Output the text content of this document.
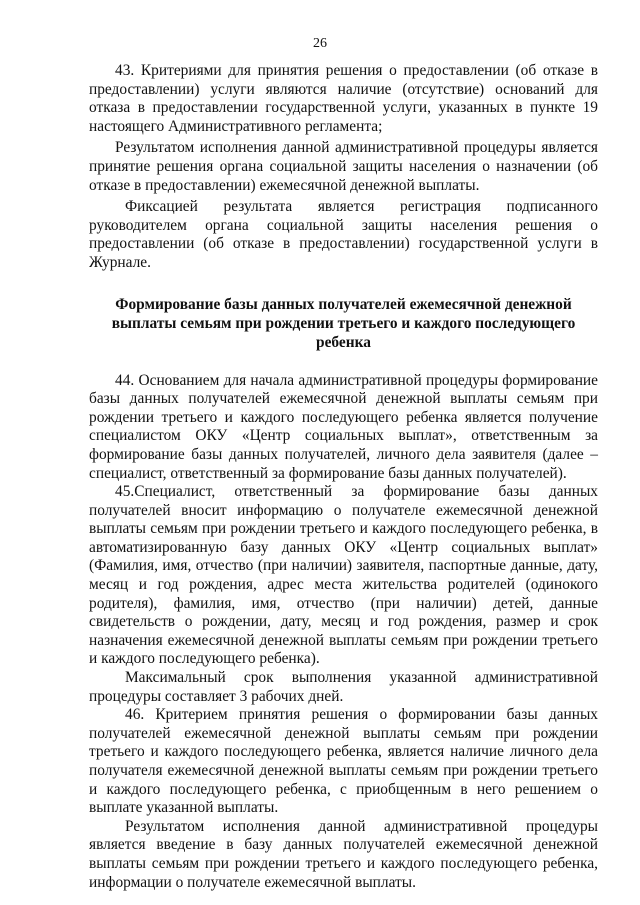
26

43. Критериями для принятия решения о предоставлении (об отказе в предоставлении) услуги являются наличие (отсутствие) оснований для отказа в предоставлении государственной услуги, указанных в пункте 19 настоящего Административного регламента;

Результатом исполнения данной административной процедуры является принятие решения органа социальной защиты населения о назначении (об отказе в предоставлении) ежемесячной денежной выплаты.

Фиксацией результата является регистрация подписанного руководителем органа социальной защиты населения решения о предоставлении (об отказе в предоставлении) государственной услуги в Журнале.

Формирование базы данных получателей ежемесячной денежной выплаты семьям при рождении третьего и каждого последующего ребенка

44. Основанием для начала административной процедуры формирование базы данных получателей ежемесячной денежной выплаты семьям при рождении третьего и каждого последующего ребенка является получение специалистом ОКУ «Центр социальных выплат», ответственным за формирование базы данных получателей, личного дела заявителя (далее – специалист, ответственный за формирование базы данных получателей).

45.Специалист, ответственный за формирование базы данных получателей вносит информацию о получателе ежемесячной денежной выплаты семьям при рождении третьего и каждого последующего ребенка, в автоматизированную базу данных ОКУ «Центр социальных выплат» (Фамилия, имя, отчество (при наличии) заявителя, паспортные данные, дату, месяц и год рождения, адрес места жительства родителей (одинокого родителя), фамилия, имя, отчество (при наличии) детей, данные свидетельств о рождении, дату, месяц и год рождения, размер и срок назначения ежемесячной денежной выплаты семьям при рождении третьего и каждого последующего ребенка).

Максимальный срок выполнения указанной административной процедуры составляет 3 рабочих дней.

46. Критерием принятия решения о формировании базы данных получателей ежемесячной денежной выплаты семьям при рождении третьего и каждого последующего ребенка, является наличие личного дела получателя ежемесячной денежной выплаты семьям при рождении третьего и каждого последующего ребенка, с приобщенным в него решением о выплате указанной выплаты.

Результатом исполнения данной административной процедуры является введение в базу данных получателей ежемесячной денежной выплаты семьям при рождении третьего и каждого последующего ребенка, информации о получателе ежемесячной выплаты.
